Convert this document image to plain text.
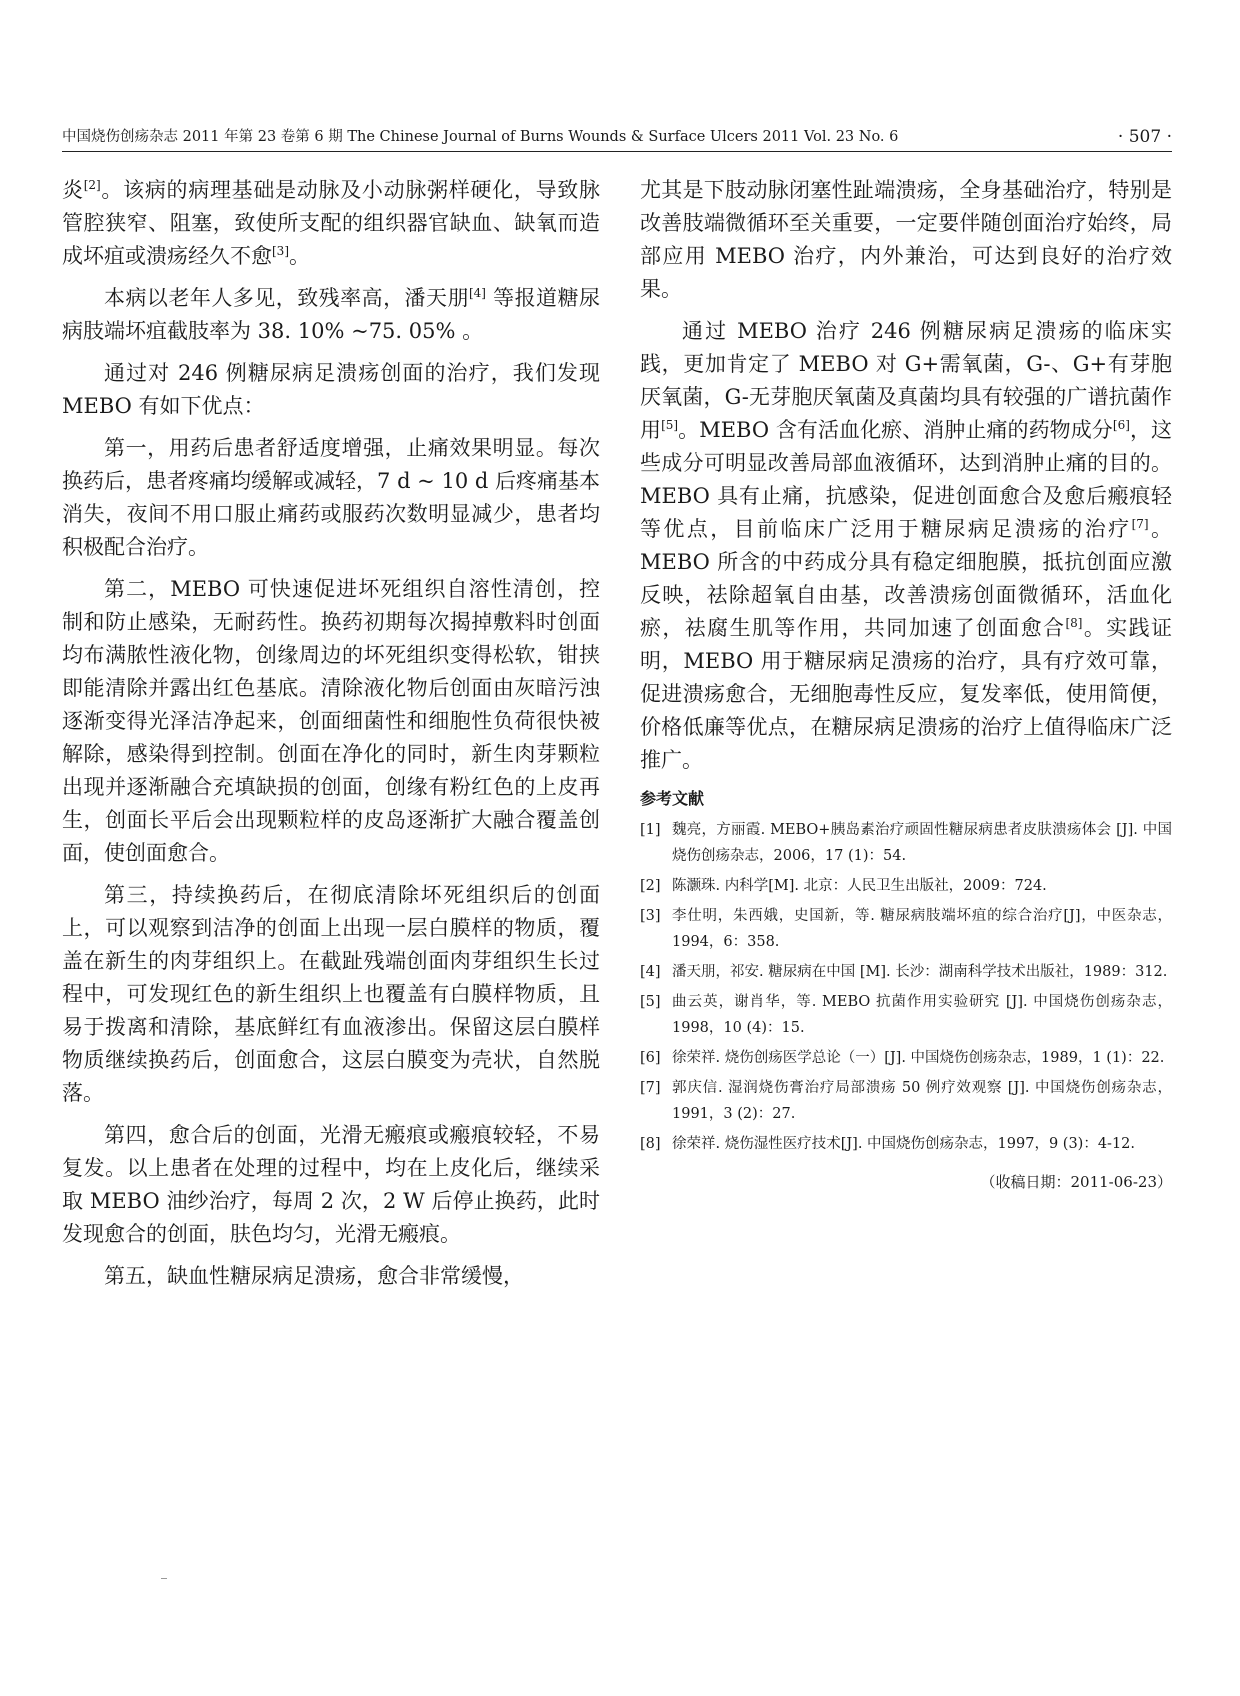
中国烧伤创疡杂志 2011 年第 23 卷第 6 期 The Chinese Journal of Burns Wounds & Surface Ulcers 2011 Vol. 23 No. 6	· 507 ·

炎[2]。该病的病理基础是动脉及小动脉粥样硬化，导致脉管腔狭窄、阻塞，致使所支配的组织器官缺血、缺氧而造成坏疽或溃疡经久不愈[3]。

本病以老年人多见，致残率高，潘天朋[4] 等报道糖尿病肢端坏疽截肢率为 38. 10% ~75. 05% 。

通过对 246 例糖尿病足溃疡创面的治疗，我们发现 MEBO 有如下优点：

第一，用药后患者舒适度增强，止痛效果明显。每次换药后，患者疼痛均缓解或减轻，7 d ~ 10 d 后疼痛基本消失，夜间不用口服止痛药或服药次数明显减少，患者均积极配合治疗。

第二，MEBO 可快速促进坏死组织自溶性清创，控制和防止感染，无耐药性。换药初期每次揭掉敷料时创面均布满脓性液化物，创缘周边的坏死组织变得松软，钳挟即能清除并露出红色基底。清除液化物后创面由灰暗污浊逐渐变得光泽洁净起来，创面细菌性和细胞性负荷很快被解除，感染得到控制。创面在净化的同时，新生肉芽颗粒出现并逐渐融合充填缺损的创面，创缘有粉红色的上皮再生，创面长平后会出现颗粒样的皮岛逐渐扩大融合覆盖创面，使创面愈合。

第三，持续换药后，在彻底清除坏死组织后的创面上，可以观察到洁净的创面上出现一层白膜样的物质，覆盖在新生的肉芽组织上。在截趾残端创面肉芽组织生长过程中，可发现红色的新生组织上也覆盖有白膜样物质，且易于拨离和清除，基底鲜红有血液渗出。保留这层白膜样物质继续换药后，创面愈合，这层白膜变为壳状，自然脱落。

第四，愈合后的创面，光滑无瘢痕或瘢痕较轻，不易复发。以上患者在处理的过程中，均在上皮化后，继续采取 MEBO 油纱治疗，每周 2 次，2 W 后停止换药，此时发现愈合的创面，肤色均匀，光滑无瘢痕。

第五，缺血性糖尿病足溃疡，愈合非常缓慢，

尤其是下肢动脉闭塞性趾端溃疡，全身基础治疗，特别是改善肢端微循环至关重要，一定要伴随创面治疗始终，局部应用 MEBO 治疗，内外兼治，可达到良好的治疗效果。

通过 MEBO 治疗 246 例糖尿病足溃疡的临床实践，更加肯定了 MEBO 对 G+需氧菌，G-、G+有芽胞厌氧菌，G-无芽胞厌氧菌及真菌均具有较强的广谱抗菌作用[5]。MEBO 含有活血化瘀、消肿止痛的药物成分[6]，这些成分可明显改善局部血液循环，达到消肿止痛的目的。MEBO 具有止痛，抗感染，促进创面愈合及愈后瘢痕轻等优点，目前临床广泛用于糖尿病足溃疡的治疗[7]。MEBO 所含的中药成分具有稳定细胞膜，抵抗创面应激反映，祛除超氧自由基，改善溃疡创面微循环，活血化瘀，祛腐生肌等作用，共同加速了创面愈合[8]。实践证明，MEBO 用于糖尿病足溃疡的治疗，具有疗效可靠，促进溃疡愈合，无细胞毒性反应，复发率低，使用简便，价格低廉等优点，在糖尿病足溃疡的治疗上值得临床广泛推广。

参考文献
[1] 魏亮，方丽霞. MEBO+胰岛素治疗顽固性糖尿病患者皮肤溃疡体会 [J]. 中国烧伤创疡杂志，2006，17 (1)：54.
[2] 陈灏珠. 内科学[M]. 北京：人民卫生出版社，2009：724.
[3] 李仕明，朱西娥，史国新，等. 糖尿病肢端坏疽的综合治疗[J]，中医杂志，1994，6：358.
[4] 潘天朋，祁安. 糖尿病在中国 [M]. 长沙：湖南科学技术出版社，1989：312.
[5] 曲云英，谢肖华，等. MEBO 抗菌作用实验研究 [J]. 中国烧伤创疡杂志，1998，10 (4)：15.
[6] 徐荣祥. 烧伤创疡医学总论（一）[J]. 中国烧伤创疡杂志，1989，1 (1)：22.
[7] 郭庆信. 湿润烧伤膏治疗局部溃疡 50 例疗效观察 [J]. 中国烧伤创疡杂志，1991，3 (2)：27.
[8] 徐荣祥. 烧伤湿性医疗技术[J]. 中国烧伤创疡杂志，1997，9 (3)：4-12.
（收稿日期：2011-06-23）
